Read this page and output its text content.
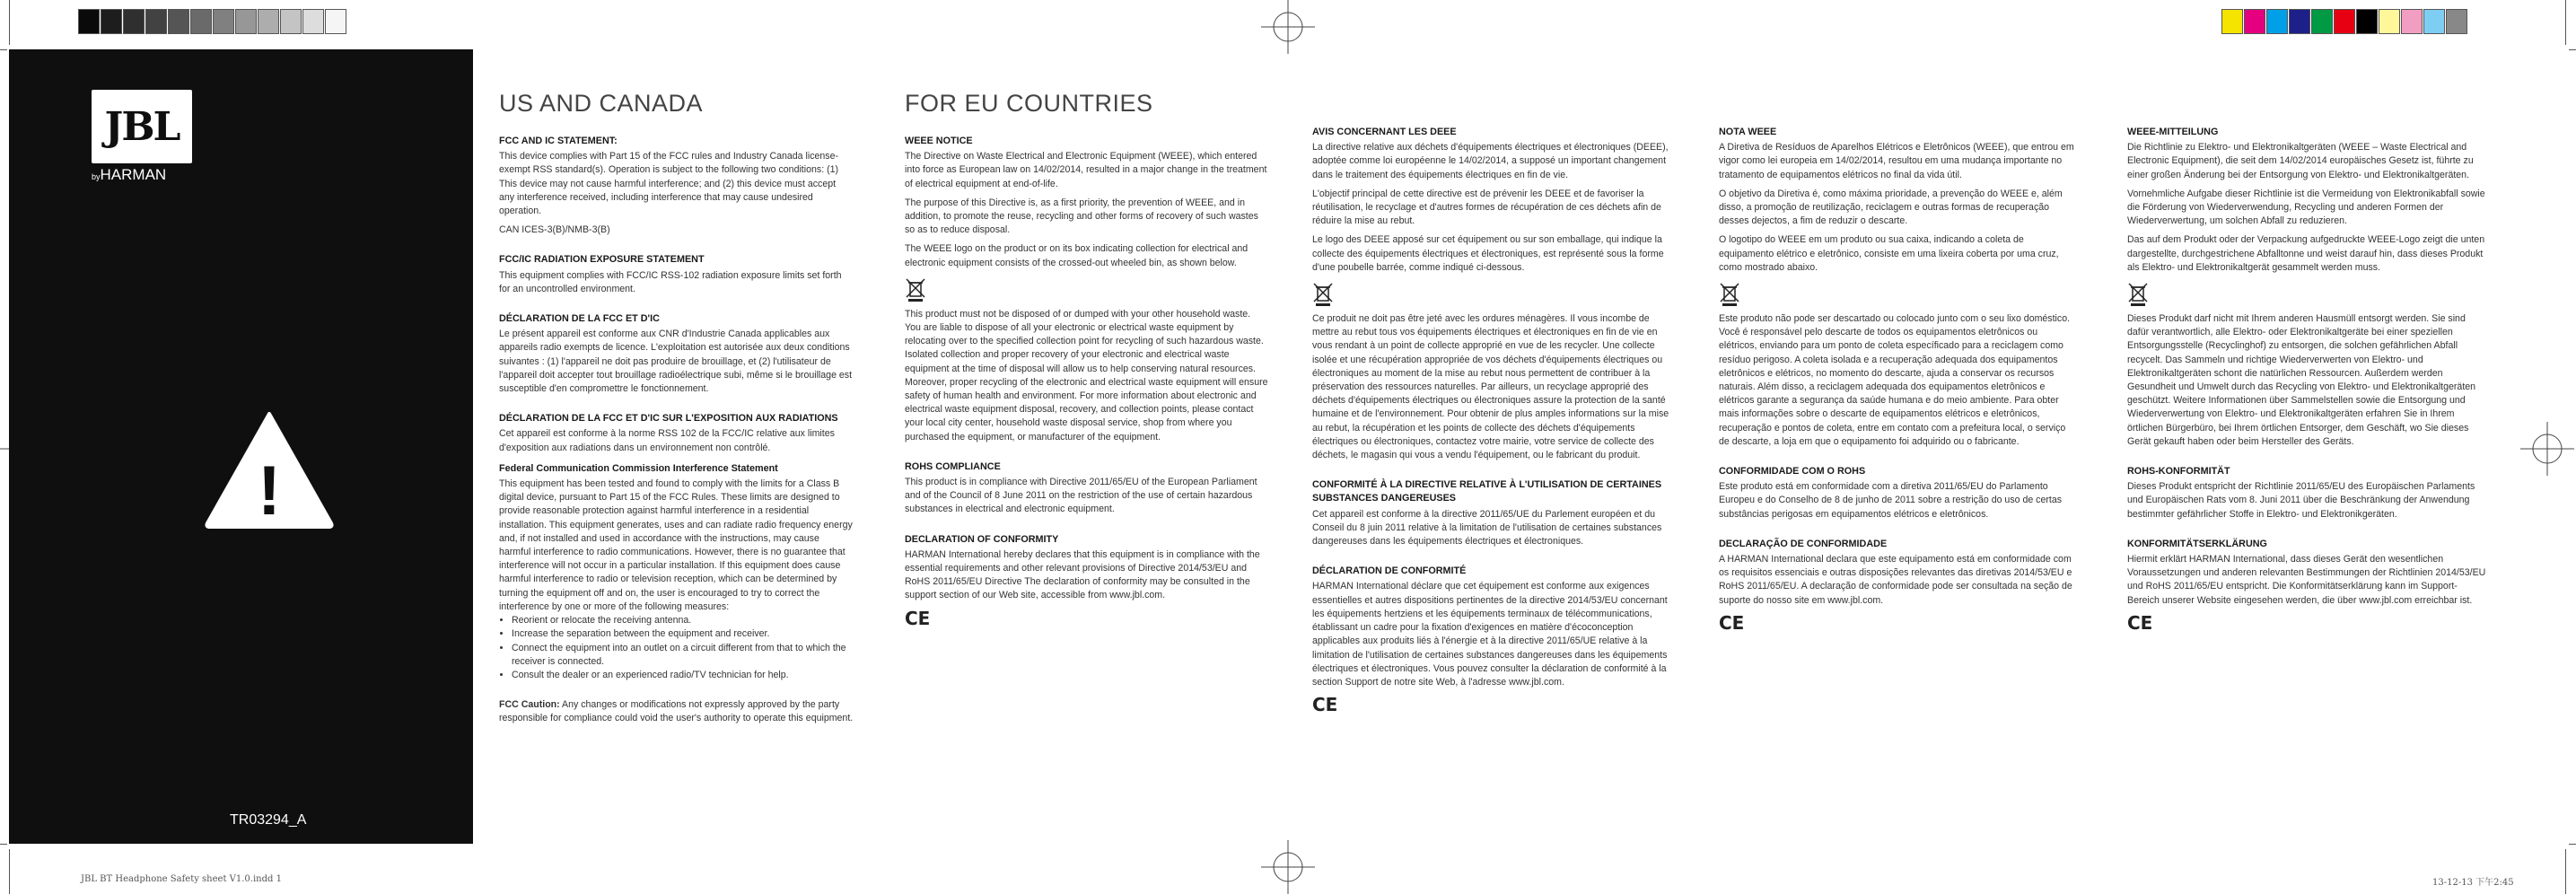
JBL
byHARMAN
!
TR03294_A
US AND CANADA
FCC AND IC STATEMENT:

This device complies with Part 15 of the FCC rules and Industry Canada license-exempt RSS standard(s). Operation is subject to the following two conditions: (1) This device may not cause harmful interference; and (2) this device must accept any interference received, including interference that may cause undesired operation.

CAN ICES-3(B)/NMB-3(B)

FCC/IC RADIATION EXPOSURE STATEMENT

This equipment complies with FCC/IC RSS-102 radiation exposure limits set forth for an uncontrolled environment.

DÉCLARATION DE LA FCC ET D'IC

Le présent appareil est conforme aux CNR d'Industrie Canada applicables aux appareils radio exempts de licence. L'exploitation est autorisée aux deux conditions suivantes : (1) l'appareil ne doit pas produire de brouillage, et (2) l'utilisateur de l'appareil doit accepter tout brouillage radioélectrique subi, même si le brouillage est susceptible d'en compromettre le fonctionnement.

DÉCLARATION DE LA FCC ET D'IC SUR L'EXPOSITION AUX RADIATIONS

Cet appareil est conforme à la norme RSS 102 de la FCC/IC relative aux limites d'exposition aux radiations dans un environnement non contrôlé.

Federal Communication Commission Interference Statement

This equipment has been tested and found to comply with the limits for a Class B digital device, pursuant to Part 15 of the FCC Rules. These limits are designed to provide reasonable protection against harmful interference in a residential installation. This equipment generates, uses and can radiate radio frequency energy and, if not installed and used in accordance with the instructions, may cause harmful interference to radio communications. However, there is no guarantee that interference will not occur in a particular installation. If this equipment does cause harmful interference to radio or television reception, which can be determined by turning the equipment off and on, the user is encouraged to try to correct the interference by one or more of the following measures:

• Reorient or relocate the receiving antenna.
• Increase the separation between the equipment and receiver.
• Connect the equipment into an outlet on a circuit different from that to which the receiver is connected.
• Consult the dealer or an experienced radio/TV technician for help.

FCC Caution: Any changes or modifications not expressly approved by the party responsible for compliance could void the user's authority to operate this equipment.

FOR EU COUNTRIES
WEEE NOTICE

The Directive on Waste Electrical and Electronic Equipment (WEEE), which entered into force as European law on 14/02/2014, resulted in a major change in the treatment of electrical equipment at end-of-life.

The purpose of this Directive is, as a first priority, the prevention of WEEE, and in addition, to promote the reuse, recycling and other forms of recovery of such wastes so as to reduce disposal.

The WEEE logo on the product or on its box indicating collection for electrical and electronic equipment consists of the crossed-out wheeled bin, as shown below.

This product must not be disposed of or dumped with your other household waste. You are liable to dispose of all your electronic or electrical waste equipment by relocating over to the specified collection point for recycling of such hazardous waste. Isolated collection and proper recovery of your electronic and electrical waste equipment at the time of disposal will allow us to help conserving natural resources. Moreover, proper recycling of the electronic and electrical waste equipment will ensure safety of human health and environment. For more information about electronic and electrical waste equipment disposal, recovery, and collection points, please contact your local city center, household waste disposal service, shop from where you purchased the equipment, or manufacturer of the equipment.

ROHS COMPLIANCE

This product is in compliance with Directive 2011/65/EU of the European Parliament and of the Council of 8 June 2011 on the restriction of the use of certain hazardous substances in electrical and electronic equipment.

DECLARATION OF CONFORMITY

HARMAN International hereby declares that this equipment is in compliance with the essential requirements and other relevant provisions of Directive 2014/53/EU and RoHS 2011/65/EU Directive The declaration of conformity may be consulted in the support section of our Web site, accessible from www.jbl.com.

CE
AVIS CONCERNANT LES DEEE

La directive relative aux déchets d'équipements électriques et électroniques (DEEE), adoptée comme loi européenne le 14/02/2014, a supposé un important changement dans le traitement des équipements électriques en fin de vie.

L'objectif principal de cette directive est de prévenir les DEEE et de favoriser la réutilisation, le recyclage et d'autres formes de récupération de ces déchets afin de réduire la mise au rebut.

Le logo des DEEE apposé sur cet équipement ou sur son emballage, qui indique la collecte des équipements électriques et électroniques, est représenté sous la forme d'une poubelle barrée, comme indiqué ci-dessous.

Ce produit ne doit pas être jeté avec les ordures ménagères. Il vous incombe de mettre au rebut tous vos équipements électriques et électroniques en fin de vie en vous rendant à un point de collecte approprié en vue de les recycler. Une collecte isolée et une récupération appropriée de vos déchets d'équipements électriques ou électroniques au moment de la mise au rebut nous permettent de contribuer à la préservation des ressources naturelles. Par ailleurs, un recyclage approprié des déchets d'équipements électriques ou électroniques assure la protection de la santé humaine et de l'environnement. Pour obtenir de plus amples informations sur la mise au rebut, la récupération et les points de collecte des déchets d'équipements électriques ou électroniques, contactez votre mairie, votre service de collecte des déchets, le magasin qui vous a vendu l'équipement, ou le fabricant du produit.

CONFORMITÉ À LA DIRECTIVE RELATIVE À L'UTILISATION DE CERTAINES SUBSTANCES DANGEREUSES

Cet appareil est conforme à la directive 2011/65/UE du Parlement européen et du Conseil du 8 juin 2011 relative à la limitation de l'utilisation de certaines substances dangereuses dans les équipements électriques et électroniques.

DÉCLARATION DE CONFORMITÉ

HARMAN International déclare que cet équipement est conforme aux exigences essentielles et autres dispositions pertinentes de la directive 2014/53/EU concernant les équipements hertziens et les équipements terminaux de télécommunications, établissant un cadre pour la fixation d'exigences en matière d'écoconception applicables aux produits liés à l'énergie et à la directive 2011/65/UE relative à la limitation de l'utilisation de certaines substances dangereuses dans les équipements électriques et électroniques. Vous pouvez consulter la déclaration de conformité à la section Support de notre site Web, à l'adresse www.jbl.com.

CE
NOTA WEEE

A Diretiva de Resíduos de Aparelhos Elétricos e Eletrônicos (WEEE), que entrou em vigor como lei europeia em 14/02/2014, resultou em uma mudança importante no tratamento de equipamentos elétricos no final da vida útil.

O objetivo da Diretiva é, como máxima prioridade, a prevenção do WEEE e, além disso, a promoção de reutilização, reciclagem e outras formas de recuperação desses dejectos, a fim de reduzir o descarte.

O logotipo do WEEE em um produto ou sua caixa, indicando a coleta de equipamento elétrico e eletrônico, consiste em uma lixeira coberta por uma cruz, como mostrado abaixo.

Este produto não pode ser descartado ou colocado junto com o seu lixo doméstico. Você é responsável pelo descarte de todos os equipamentos eletrônicos ou elétricos, enviando para um ponto de coleta específicado para a reciclagem como resíduo perigoso. A coleta isolada e a recuperação adequada dos equipamentos eletrônicos e elétricos, no momento do descarte, ajuda a conservar os recursos naturais. Além disso, a reciclagem adequada dos equipamentos eletrônicos e elétricos garante a segurança da saúde humana e do meio ambiente. Para obter mais informações sobre o descarte de equipamentos elétricos e eletrônicos, recuperação e pontos de coleta, entre em contato com a prefeitura local, o serviço de descarte, a loja em que o equipamento foi adquirido ou o fabricante.

CONFORMIDADE COM O ROHS

Este produto está em conformidade com a diretiva 2011/65/EU do Parlamento Europeu e do Conselho de 8 de junho de 2011 sobre a restrição do uso de certas substâncias perigosas em equipamentos elétricos e eletrônicos.

DECLARAÇÃO DE CONFORMIDADE

A HARMAN International declara que este equipamento está em conformidade com os requisitos essenciais e outras disposições relevantes das diretivas 2014/53/EU e RoHS 2011/65/EU. A declaração de conformidade pode ser consultada na seção de suporte do nosso site em www.jbl.com.

CE
WEEE-MITTEILUNG

Die Richtlinie zu Elektro- und Elektronikaltgeräten (WEEE – Waste Electrical and Electronic Equipment), die seit dem 14/02/2014 europäisches Gesetz ist, führte zu einer großen Änderung bei der Entsorgung von Elektro- und Elektronikaltgeräten.

Vornehmliche Aufgabe dieser Richtlinie ist die Vermeidung von Elektronikabfall sowie die Förderung von Wiederverwendung, Recycling und anderen Formen der Wiederverwertung, um solchen Abfall zu reduzieren.

Das auf dem Produkt oder der Verpackung aufgedruckte WEEE-Logo zeigt die unten dargestellte, durchgestrichene Abfalltonne und weist darauf hin, dass dieses Produkt als Elektro- und Elektronikaltgerät gesammelt werden muss.

Dieses Produkt darf nicht mit Ihrem anderen Hausmüll entsorgt werden. Sie sind dafür verantwortlich, alle Elektro- oder Elektronikaltgeräte bei einer speziellen Entsorgungsstelle (Recyclinghof) zu entsorgen, die solchen gefährlichen Abfall recycelt. Das Sammeln und richtige Wiederverwerten von Elektro- und Elektronikaltgeräten schont die natürlichen Ressourcen. Außerdem werden Gesundheit und Umwelt durch das Recycling von Elektro- und Elektronikaltgeräten geschützt. Weitere Informationen über Sammelstellen sowie die Entsorgung und Wiederverwertung von Elektro- und Elektronikaltgeräten erfahren Sie in Ihrem örtlichen Bürgerbüro, bei Ihrem örtlichen Entsorger, dem Geschäft, wo Sie dieses Gerät gekauft haben oder beim Hersteller des Geräts.

ROHS-KONFORMITÄT

Dieses Produkt entspricht der Richtlinie 2011/65/EU des Europäischen Parlaments und Europäischen Rats vom 8. Juni 2011 über die Beschränkung der Anwendung bestimmter gefährlicher Stoffe in Elektro- und Elektronikgeräten.

KONFORMITÄTSERKLÄRUNG

Hiermit erklärt HARMAN International, dass dieses Gerät den wesentlichen Voraussetzungen und anderen relevanten Bestimmungen der Richtlinien 2014/53/EU und RoHS 2011/65/EU entspricht. Die Konformitätserklärung kann im Support-Bereich unserer Website eingesehen werden, die über www.jbl.com erreichbar ist.

CE
JBL BT Headphone Safety sheet V1.0.indd 1	13-12-13 下午2:45
